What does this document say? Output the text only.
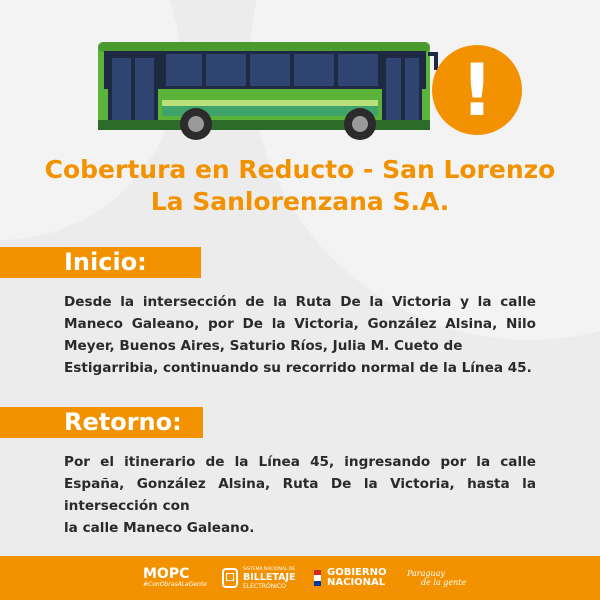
!
Cobertura en Reducto - San Lorenzo
La Sanlorenzana S.A.
Inicio:
Desde la intersección de la Ruta De la Victoria y la calle Maneco Galeano, por De la Victoria, González Alsina, Nilo Meyer, Buenos Aires, Saturio Ríos, Julia M. Cueto de
Estigarribia, continuando su recorrido normal de la Línea 45.
Retorno:
Por el itinerario de la Línea 45, ingresando por la calle España, González Alsina, Ruta De la Victoria, hasta la intersección con
la calle Maneco Galeano.
MOPC
#ConObrasALaGente
SISTEMA NACIONAL DE
BILLETAJE
ELECTRÓNICO
GOBIERNO
NACIONAL
Paraguay
de la gente
